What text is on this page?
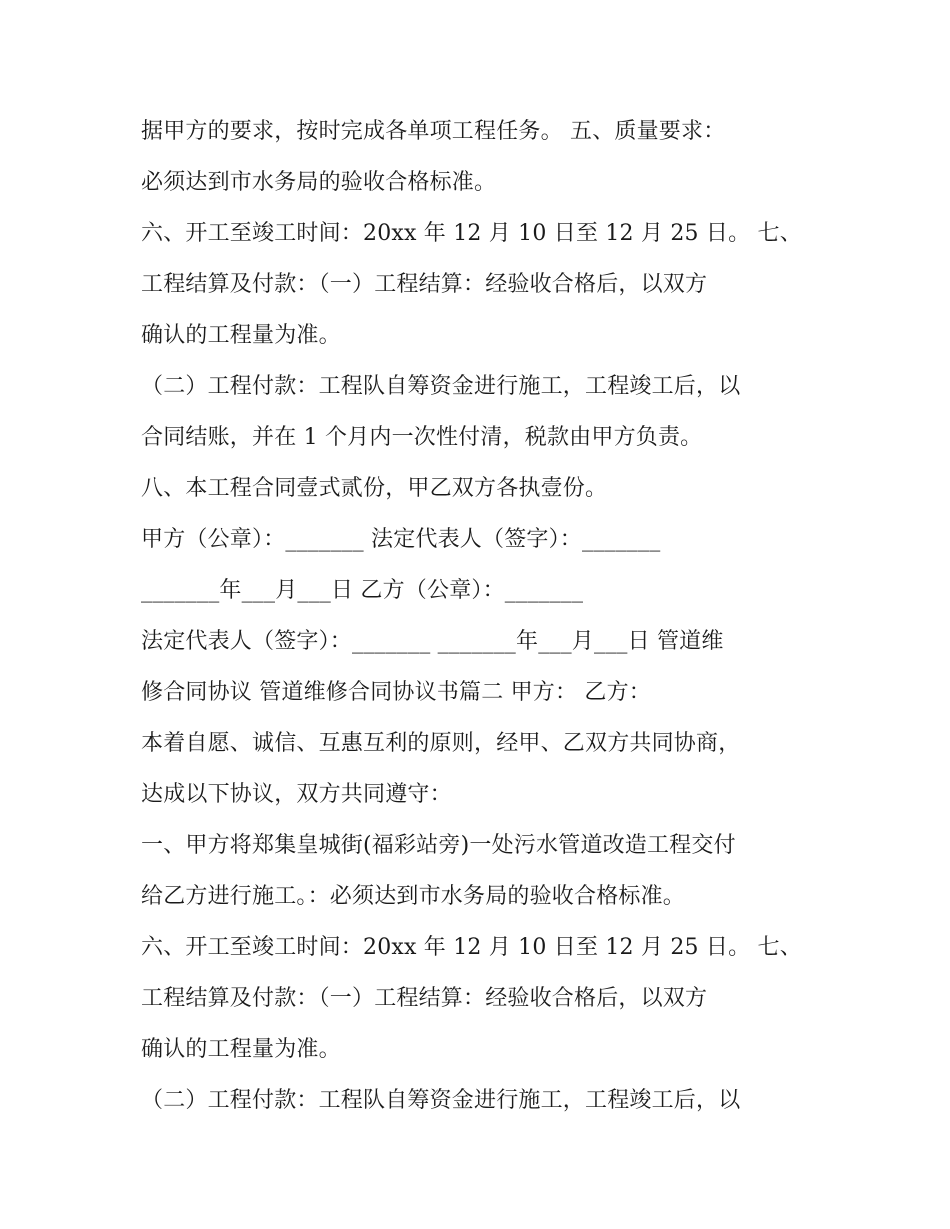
据甲方的要求，按时完成各单项工程任务。 五、质量要求：
必须达到市水务局的验收合格标准。
六、开工至竣工时间：20xx 年 12 月 10 日至 12 月 25 日。 七、
工程结算及付款：（一）工程结算：经验收合格后，以双方
确认的工程量为准。
（二）工程付款：工程队自筹资金进行施工，工程竣工后，以
合同结账，并在 1 个月内一次性付清，税款由甲方负责。
八、本工程合同壹式贰份，甲乙双方各执壹份。
甲方（公章）：_______ 法定代表人（签字）：_______
_______年___月___日 乙方（公章）：_______
法定代表人（签字）：_______ _______年___月___日 管道维
修合同协议 管道维修合同协议书篇二 甲方： 乙方：
本着自愿、诚信、互惠互利的原则，经甲、乙双方共同协商，
达成以下协议，双方共同遵守：
一、甲方将郑集皇城街(福彩站旁)一处污水管道改造工程交付
给乙方进行施工。：必须达到市水务局的验收合格标准。
六、开工至竣工时间：20xx 年 12 月 10 日至 12 月 25 日。 七、
工程结算及付款：（一）工程结算：经验收合格后，以双方
确认的工程量为准。
（二）工程付款：工程队自筹资金进行施工，工程竣工后，以
